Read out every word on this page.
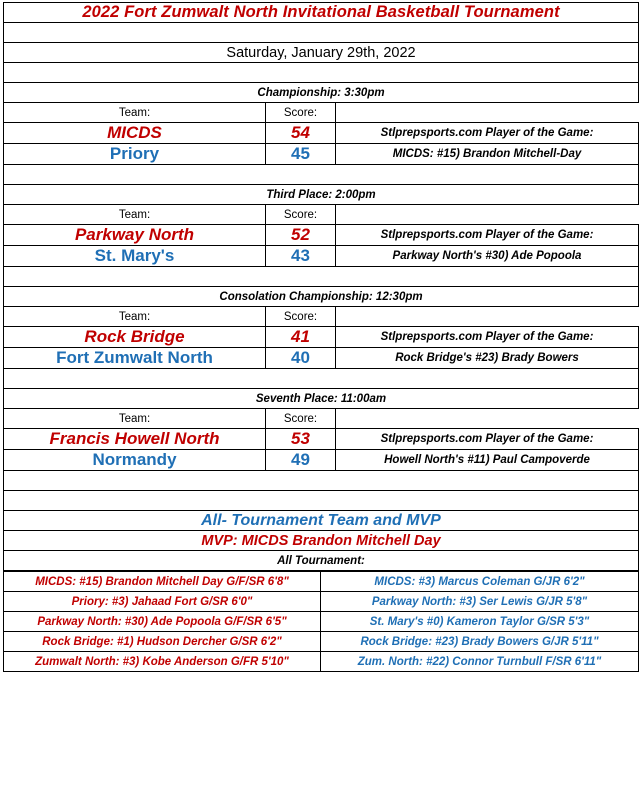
2022 Fort Zumwalt North Invitational Basketball Tournament		

Saturday, January 29th, 2022		

Championship: 3:30pm		
Team:	Score:	
MICDS	54	Stlprepsports.com Player of the Game:
Priory	45	MICDS: #15) Brandon Mitchell-Day

Third Place: 2:00pm		
Team:	Score:	
Parkway North	52	Stlprepsports.com Player of the Game:
St. Mary's	43	Parkway North's #30) Ade Popoola

Consolation Championship: 12:30pm		
Team:	Score:	
Rock Bridge	41	Stlprepsports.com Player of the Game:
Fort Zumwalt North	40	Rock Bridge's #23) Brady Bowers

Seventh Place: 11:00am		
Team:	Score:	
Francis Howell North	53	Stlprepsports.com Player of the Game:
Normandy	49	Howell North's #11) Paul Campoverde

All- Tournament Team and MVP		
MVP: MICDS Brandon Mitchell Day		
All Tournament:		
MICDS: #15) Brandon Mitchell Day G/F/SR 6'8"	MICDS: #3) Marcus Coleman G/JR 6'2"
Priory: #3) Jahaad Fort G/SR 6'0"	Parkway North: #3) Ser Lewis G/JR 5'8"
Parkway North: #30) Ade Popoola G/F/SR 6'5"	St. Mary's #0) Kameron Taylor G/SR 5'3"
Rock Bridge: #1) Hudson Dercher G/SR 6'2"	Rock Bridge: #23) Brady Bowers G/JR 5'11"
Zumwalt North: #3) Kobe Anderson G/FR 5'10"	Zum. North: #22) Connor Turnbull F/SR 6'11"
